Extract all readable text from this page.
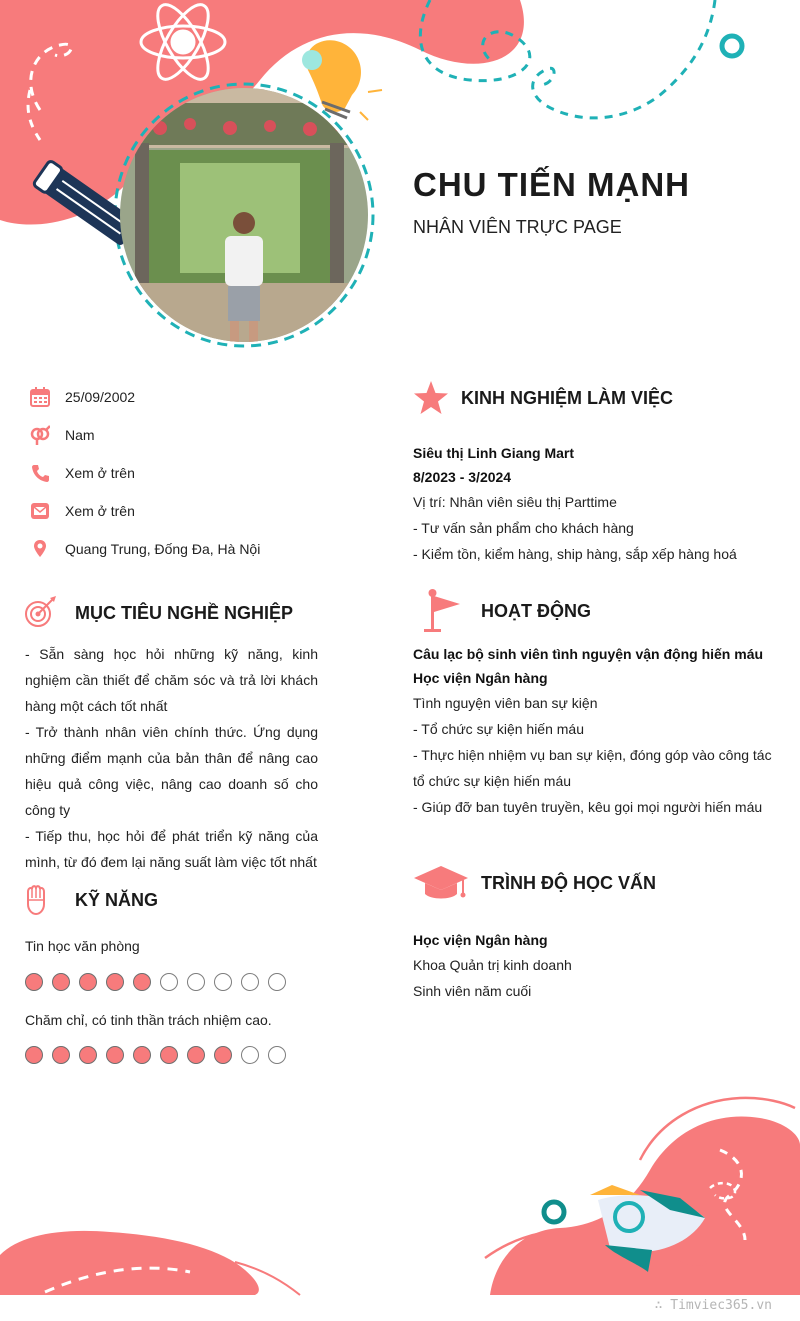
CHU TIẾN MẠNH
NHÂN VIÊN TRỰC PAGE
25/09/2002
Nam
Xem ở trên
Xem ở trên
Quang Trung, Đống Đa, Hà Nội
MỤC TIÊU NGHỀ NGHIỆP

- Sẵn sàng học hỏi những kỹ năng, kinh nghiệm cần thiết để chăm sóc và trả lời khách hàng một cách tốt nhất

- Trở thành nhân viên chính thức. Ứng dụng những điểm mạnh của bản thân để nâng cao hiệu quả công việc, nâng cao doanh số cho công ty

- Tiếp thu, học hỏi để phát triển kỹ năng của mình, từ đó đem lại năng suất làm việc tốt nhất

KỸ NĂNG
Tin học văn phòng
Chăm chỉ, có tinh thần trách nhiệm cao.
KINH NGHIỆM LÀM VIỆC

Siêu thị Linh Giang Mart

8/2023 - 3/2024

Vị trí: Nhân viên siêu thị Parttime

- Tư vấn sản phẩm cho khách hàng

- Kiểm tồn, kiểm hàng, ship hàng, sắp xếp hàng hoá

HOẠT ĐỘNG

Câu lạc bộ sinh viên tình nguyện vận động hiến máu Học viện Ngân hàng

Tình nguyện viên ban sự kiện

- Tổ chức sự kiện hiến máu

- Thực hiện nhiệm vụ ban sự kiện, đóng góp vào công tác tổ chức sự kiện hiến máu

- Giúp đỡ ban tuyên truyền, kêu gọi mọi người hiến máu

TRÌNH ĐỘ HỌC VẤN

Học viện Ngân hàng

Khoa Quản trị kinh doanh

Sinh viên năm cuối

∴ Timviec365.vn
